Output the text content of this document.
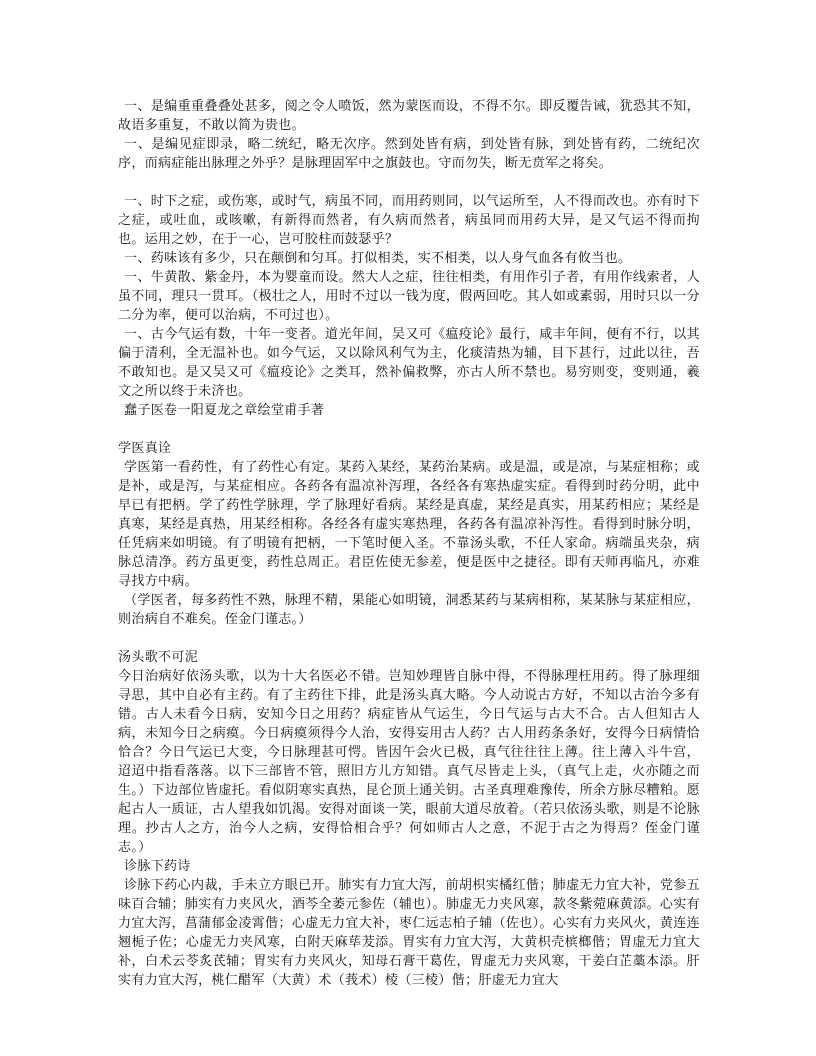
一、是编重重叠叠处甚多，阅之令人喷饭，然为蒙医而设，不得不尔。即反覆告诫，犹恐其不知，故语多重复，不敢以简为贵也。

一、是编见症即录，略二统纪，略无次序。然到处皆有病，到处皆有脉，到处皆有药，二统纪次序，而病症能出脉理之外乎？是脉理固军中之旗鼓也。守而勿失，断无贲军之将矣。

一、时下之症，或伤寒，或时气，病虽不同，而用药则同，以气运所至，人不得而改也。亦有时下之症，或吐血，或咳嗽，有新得而然者，有久病而然者，病虽同而用药大异，是又气运不得而拘也。运用之妙，在于一心，岂可胶柱而鼓瑟乎？

一、药味该有多少，只在颠倒和匀耳。打似相类，实不相类，以人身气血各有攸当也。

一、牛黄散、紫金丹，本为婴童而设。然大人之症，往往相类，有用作引子者，有用作线索者，人虽不同，理只一贯耳。（极壮之人，用时不过以一钱为度，假两回吃。其人如或素弱，用时只以一分二分为率，便可以治病，不可过也）。

一、古今气运有数，十年一变者。道光年间，吴又可《瘟疫论》最行，咸丰年间，便有不行，以其偏于清利，全无温补也。如今气运，又以除风利气为主，化痰清热为辅，目下甚行，过此以往，吾不敢知也。是又吴又可《瘟疫论》之类耳，然补偏救弊，亦古人所不禁也。易穷则变，变则通，羲文之所以终于未济也。

蠢子医卷一阳夏龙之章绘堂甫手著

学医真诠

学医第一看药性，有了药性心有定。某药入某经，某药治某病。或是温，或是凉，与某症相称；或是补，或是泻，与某症相应。各药各有温凉补泻理，各经各有寒热虚实症。看得到时药分明，此中早已有把柄。学了药性学脉理，学了脉理好看病。某经是真虚，某经是真实，用某药相应；某经是真寒，某经是真热，用某经相称。各经各有虚实寒热理，各药各有温凉补泻性。看得到时脉分明，任凭病来如明镜。有了明镜有把柄，一下笔时便入圣。不靠汤头歌，不任人家命。病端虽夹杂，病脉总清净。药方虽更变，药性总周正。君臣佐使无参差，便是医中之捷径。即有天师再临凡，亦难寻找方中病。

（学医者，每多药性不熟，脉理不精，果能心如明镜，洞悉某药与某病相称，某某脉与某症相应，则治病自不难矣。侄金门谨志。）

汤头歌不可泥

今日治病好依汤头歌，以为十大名医必不错。岂知妙理皆自脉中得，不得脉理枉用药。得了脉理细寻思，其中自必有主药。有了主药往下排，此是汤头真大略。今人动说古方好，不知以古治今多有错。古人未看今日病，安知今日之用药？病症皆从气运生，今日气运与古大不合。古人但知古人病，未知今日之病瘼。今日病瘼须得今人治，安得妄用古人药？古人用药条条好，安得今日病情恰恰合？今日气运已大变，今日脉理甚可愕。皆因午会火已极，真气往往往上薄。往上薄入斗牛宫，迢迢中指看落落。以下三部皆不管，照旧方儿方知错。真气尽皆走上头，（真气上走，火亦随之而生。）下边部位皆虚托。看似阴寒实真热，昆仑顶上通关钥。古圣真理难豫传，所余方脉尽糟粕。愿起古人一质证，古人望我如饥渴。安得对面谈一笑，眼前大道尽放着。（若只依汤头歌，则是不论脉理。抄古人之方，治今人之病，安得恰相合乎？何如师古人之意，不泥于古之为得焉？侄金门谨志。）

诊脉下药诗

诊脉下药心内裁，手未立方眼已开。肺实有力宜大泻，前胡枳实橘红偕；肺虚无力宜大补，党参五味百合辅；肺实有力夹风火，酒芩全萎元参佐（辅也）。肺虚无力夹风寒，款冬紫菀麻黄添。心实有力宜大泻，菖蒲郁金凌霄偕；心虚无力宜大补，枣仁远志柏子辅（佐也）。心实有力夹风火，黄连连翘栀子佐；心虚无力夹风寒，白附天麻荜茇添。胃实有力宜大泻，大黄枳壳槟榔偕；胃虚无力宜大补，白术云苓炙芪辅；胃实有力夹风火，知母石膏干葛佐，胃虚无力夹风寒，干姜白芷藁本添。肝实有力宜大泻，桃仁醋军（大黄）术（莪术）棱（三棱）偕；肝虚无力宜大
